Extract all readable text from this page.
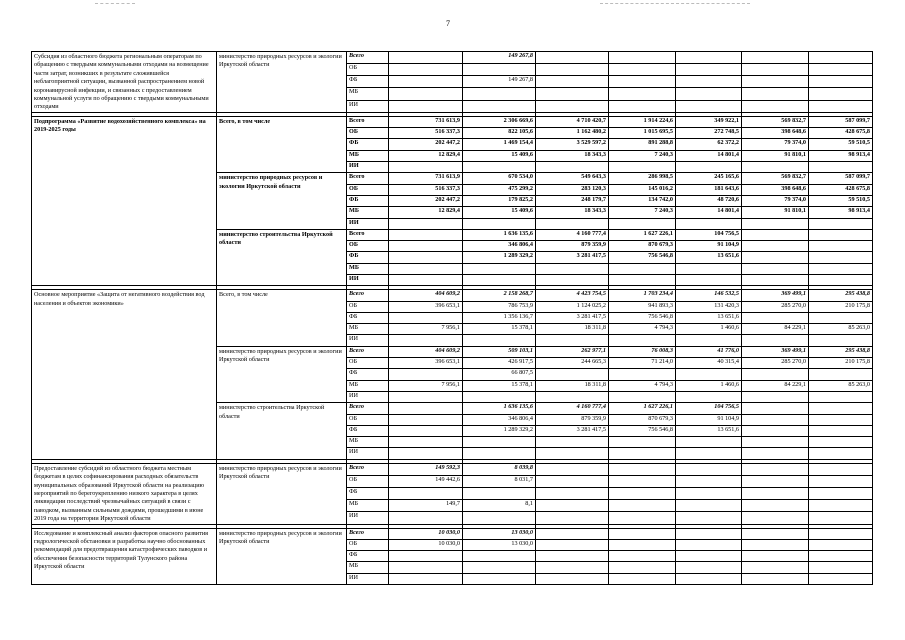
7
Субсидия из областного бюджета региональным операторам по обращению с твердыми коммунальными отходами на возмещение части затрат, возникших в результате сложившейся неблагоприятной ситуации, вызванной распространением новой коронавирусной инфекции, и связанных с предоставлением коммунальной услуги по обращению с твердыми коммунальными отходами	министерство природных ресурсов и экологии Иркутской области	Всего		149 267,8					
		ОБ							
		ФБ		149 267,8					
		МБ							
		ИИ							

Подпрограмма «Развитие водохозяйственного комплекса» на 2019-2025 годы	Всего, в том числе	Всего	731 613,9	2 306 669,6	4 710 420,7	1 914 224,6	349 922,1	569 832,7	587 099,7
		ОБ	516 337,3	822 105,6	1 162 480,2	1 015 695,5	272 748,5	398 648,6	428 675,8
		ФБ	202 447,2	1 469 154,4	3 529 597,2	891 288,8	62 372,2	79 374,0	59 510,5
		МБ	12 829,4	15 409,6	18 343,3	7 240,3	14 801,4	91 810,1	98 913,4
		ИИ							
	министерство природных ресурсов и экологии Иркутской области	Всего	731 613,9	670 534,0	549 643,3	286 998,5	245 165,6	569 832,7	587 099,7
		ОБ	516 337,3	475 299,2	283 120,3	145 016,2	181 643,6	398 648,6	428 675,8
		ФБ	202 447,2	179 825,2	248 179,7	134 742,0	48 720,6	79 374,0	59 510,5
		МБ	12 829,4	15 409,6	18 343,3	7 240,3	14 801,4	91 810,1	98 913,4
		ИИ							
	министерство строительства Иркутской области	Всего		1 636 135,6	4 160 777,4	1 627 226,1	104 756,5		
		ОБ		346 806,4	879 359,9	870 679,3	91 104,9		
		ФБ		1 289 329,2	3 281 417,5	756 546,8	13 651,6		
		МБ							
		ИИ							

Основное мероприятие «Защита от негативного воздействия вод населения и объектов экономики»	Всего, в том числе	Всего	404 609,2	2 158 268,7	4 423 754,5	1 703 234,4	146 532,5	369 499,1	295 438,8
		ОБ	396 653,1	786 753,9	1 124 025,2	941 893,3	131 420,3	285 270,0	210 175,8
		ФБ		1 356 136,7	3 281 417,5	756 546,8	13 651,6		
		МБ	7 956,1	15 378,1	18 311,8	4 794,3	1 460,6	84 229,1	85 263,0
		ИИ							
	министерство природных ресурсов и экологии Иркутской области	Всего	404 609,2	509 103,1	262 977,1	76 008,3	41 776,0	369 499,1	295 438,8
		ОБ	396 653,1	426 917,5	244 665,3	71 214,0	40 315,4	285 270,0	210 175,8
		ФБ		66 807,5					
		МБ	7 956,1	15 378,1	18 311,8	4 794,3	1 460,6	84 229,1	85 263,0
		ИИ							
	министерство строительства Иркутской области	Всего		1 636 135,6	4 160 777,4	1 627 226,1	104 756,5		
		ОБ		346 806,4	879 359,9	870 679,3	91 104,9		
		ФБ		1 289 329,2	3 281 417,5	756 546,8	13 651,6		
		МБ							
		ИИ							

Предоставление субсидий из областного бюджета местным бюджетам в целях софинансирования расходных обязательств муниципальных образований Иркутской области на реализацию мероприятий по берегоукреплению низкого характера в целях ликвидации последствий чрезвычайных ситуаций в связи с паводком, вызванным сильными дождями, прошедшими в июне 2019 года на территории Иркутской области	министерство природных ресурсов и экологии Иркутской области	Всего	149 592,3	8 039,8					
		ОБ	149 442,6	8 031,7					
		ФБ							
		МБ	149,7	8,1					
		ИИ							

Исследование и комплексный анализ факторов опасного развития гидрологической обстановки и разработка научно обоснованных рекомендаций для предотвращения катастрофических паводков и обеспечения безопасности территорий Тулунского района Иркутской области	министерство природных ресурсов и экологии Иркутской области	Всего	10 030,0	13 030,0					
		ОБ	10 030,0	13 030,0					
		ФБ							
		МБ							
		ИИ							
